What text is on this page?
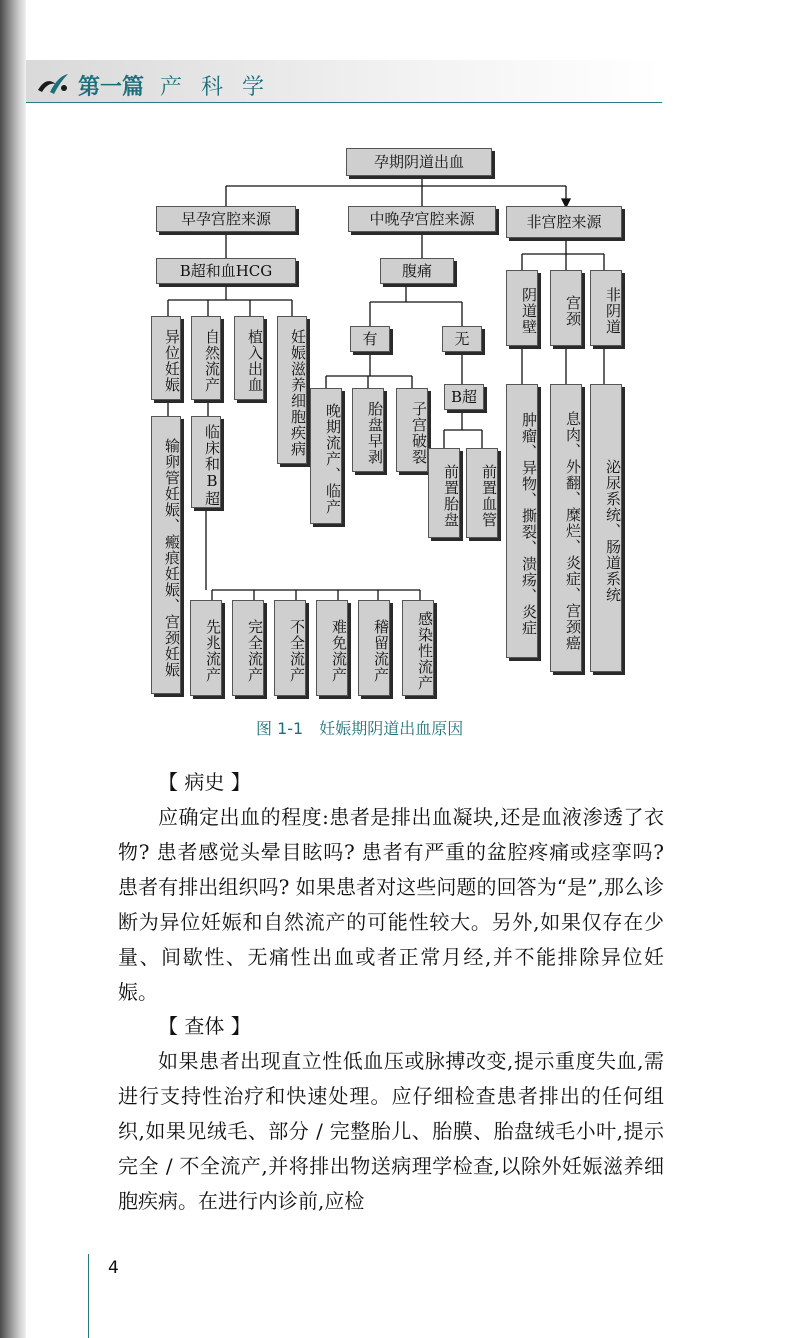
第一篇 产 科 学
孕期阴道出血
早孕宫腔来源	中晚孕宫腔来源	非宫腔来源
B超和血HCG
异位妊娠	自然流产	植入出血	妊娠滋养细胞疾病
输卵管妊娠、瘢痕妊娠、宫颈妊娠	临床和B超
先兆流产	完全流产	不全流产	难免流产	稽留流产	感染性流产
腹痛
有	无
晚期流产、临产	胎盘早剥	子宫破裂
B超
前置胎盘	前置血管
阴道壁	宫颈	非阴道
肿瘤、异物、撕裂、溃疡、炎症	息肉、外翻、糜烂、炎症、宫颈癌	泌尿系统、肠道系统
图 1-1　妊娠期阴道出血原因
【 病史 】
应确定出血的程度:患者是排出血凝块,还是血液渗透了衣物? 患者感觉头晕目眩吗? 患者有严重的盆腔疼痛或痉挛吗? 患者有排出组织吗? 如果患者对这些问题的回答为“是”,那么诊断为异位妊娠和自然流产的可能性较大。另外,如果仅存在少量、间歇性、无痛性出血或者正常月经,并不能排除异位妊娠。
【 查体 】
如果患者出现直立性低血压或脉搏改变,提示重度失血,需进行支持性治疗和快速处理。应仔细检查患者排出的任何组织,如果见绒毛、部分 / 完整胎儿、胎膜、胎盘绒毛小叶,提示完全 / 不全流产,并将排出物送病理学检查,以除外妊娠滋养细胞疾病。在进行内诊前,应检
4
